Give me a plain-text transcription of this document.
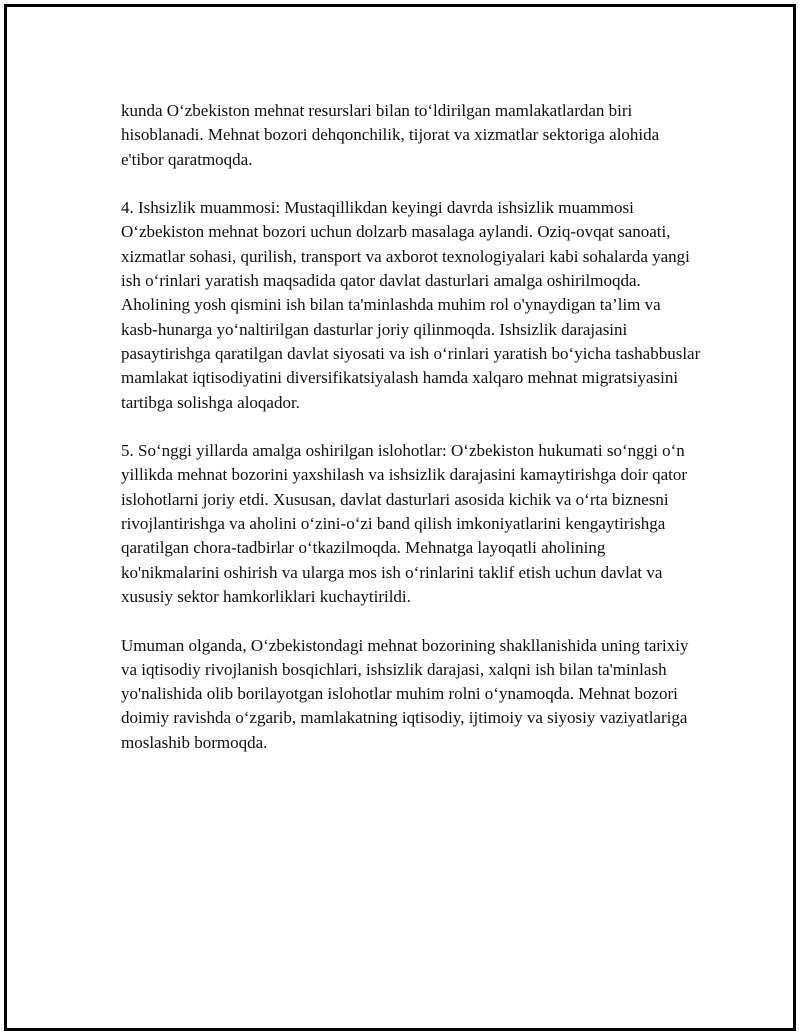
kunda O‘zbekiston mehnat resurslari bilan to‘ldirilgan mamlakatlardan biri hisoblanadi. Mehnat bozori dehqonchilik, tijorat va xizmatlar sektoriga alohida e'tibor qaratmoqda.

4. Ishsizlik muammosi: Mustaqillikdan keyingi davrda ishsizlik muammosi O‘zbekiston mehnat bozori uchun dolzarb masalaga aylandi. Oziq-ovqat sanoati, xizmatlar sohasi, qurilish, transport va axborot texnologiyalari kabi sohalarda yangi ish o‘rinlari yaratish maqsadida qator davlat dasturlari amalga oshirilmoqda. Aholining yosh qismini ish bilan ta'minlashda muhim rol o'ynaydigan ta’lim va kasb-hunarga yo‘naltirilgan dasturlar joriy qilinmoqda. Ishsizlik darajasini pasaytirishga qaratilgan davlat siyosati va ish o‘rinlari yaratish bo‘yicha tashabbuslar mamlakat iqtisodiyatini diversifikatsiyalash hamda xalqaro mehnat migratsiyasini tartibga solishga aloqador.

5. So‘nggi yillarda amalga oshirilgan islohotlar: O‘zbekiston hukumati so‘nggi o‘n yillikda mehnat bozorini yaxshilash va ishsizlik darajasini kamaytirishga doir qator islohotlarni joriy etdi. Xususan, davlat dasturlari asosida kichik va o‘rta biznesni rivojlantirishga va aholini o‘zini-o‘zi band qilish imkoniyatlarini kengaytirishga qaratilgan chora-tadbirlar o‘tkazilmoqda. Mehnatga layoqatli aholining ko'nikmalarini oshirish va ularga mos ish o‘rinlarini taklif etish uchun davlat va xususiy sektor hamkorliklari kuchaytirildi.

Umuman olganda, O‘zbekistondagi mehnat bozorining shakllanishida uning tarixiy va iqtisodiy rivojlanish bosqichlari, ishsizlik darajasi, xalqni ish bilan ta'minlash yo'nalishida olib borilayotgan islohotlar muhim rolni o‘ynamoqda. Mehnat bozori doimiy ravishda o‘zgarib, mamlakatning iqtisodiy, ijtimoiy va siyosiy vaziyatlariga moslashib bormoqda.
